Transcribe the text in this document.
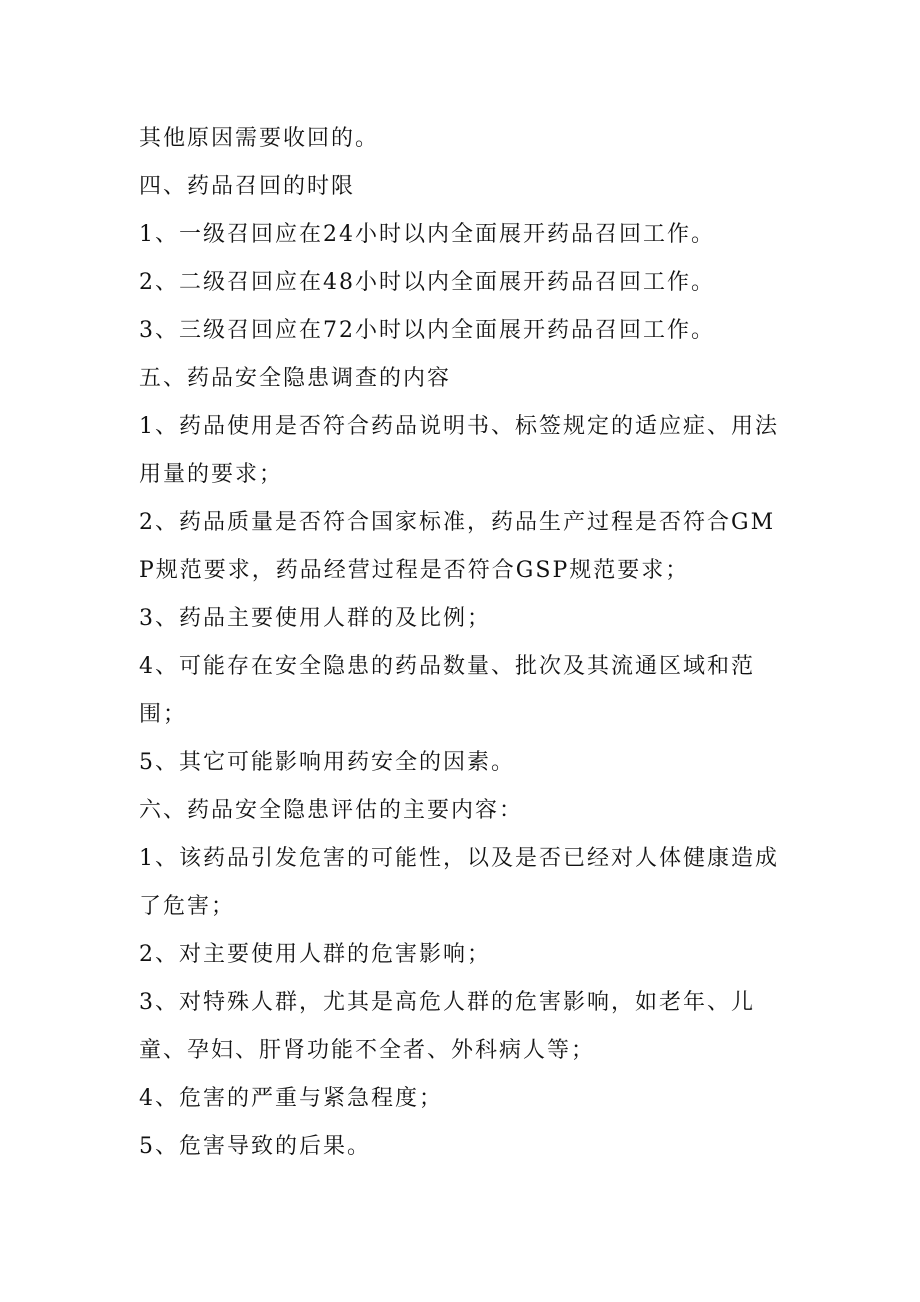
其他原因需要收回的。

四、药品召回的时限

1、一级召回应在24小时以内全面展开药品召回工作。

2、二级召回应在48小时以内全面展开药品召回工作。

3、三级召回应在72小时以内全面展开药品召回工作。

五、药品安全隐患调查的内容

1、药品使用是否符合药品说明书、标签规定的适应症、用法用量的要求；

2、药品质量是否符合国家标准，药品生产过程是否符合GMP规范要求，药品经营过程是否符合GSP规范要求；

3、药品主要使用人群的及比例；

4、可能存在安全隐患的药品数量、批次及其流通区域和范围；

5、其它可能影响用药安全的因素。

六、药品安全隐患评估的主要内容：

1、该药品引发危害的可能性，以及是否已经对人体健康造成了危害；

2、对主要使用人群的危害影响；

3、对特殊人群，尤其是高危人群的危害影响，如老年、儿童、孕妇、肝肾功能不全者、外科病人等；

4、危害的严重与紧急程度；

5、危害导致的后果。
